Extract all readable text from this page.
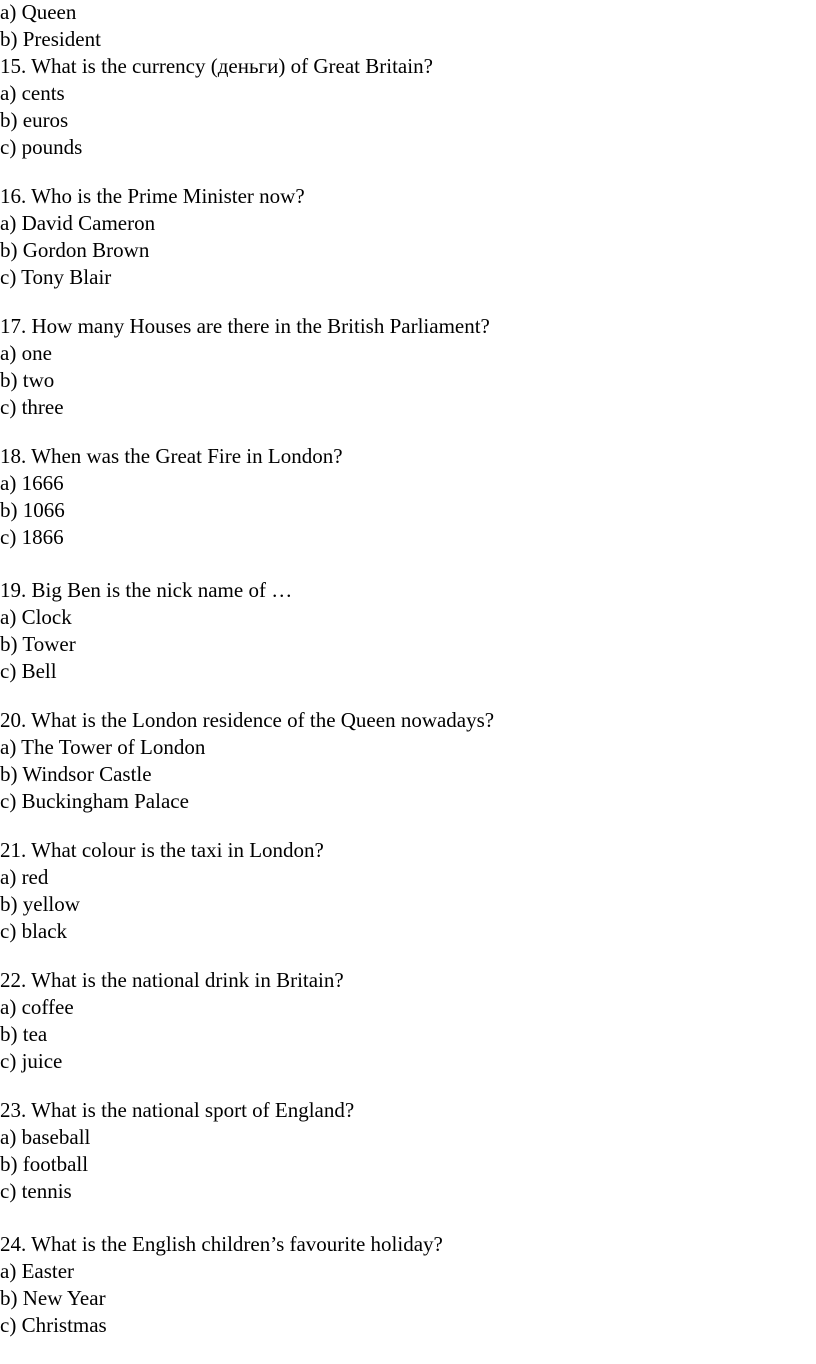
a) Queen
b) President
15. What is the currency (деньги) of Great Britain?
a) cents
b) euros
c) pounds
16. Who is the Prime Minister now?
a) David Cameron
b) Gordon Brown
c) Tony Blair
17. How many Houses are there in the British Parliament?
a) one
b) two
c) three
18. When was the Great Fire in London?
a) 1666
b) 1066
c) 1866
19. Big Ben is the nick name of …
a) Clock
b) Tower
c) Bell
20. What is the London residence of the Queen nowadays?
a) The Tower of London
b) Windsor Castle
c) Buckingham Palace
21. What colour is the taxi in London?
a) red
b) yellow
c) black
22. What is the national drink in Britain?
a) coffee
b) tea
c) juice
23. What is the national sport of England?
a) baseball
b) football
c) tennis
24. What is the English children’s favourite holiday?
a) Easter
b) New Year
c) Christmas
